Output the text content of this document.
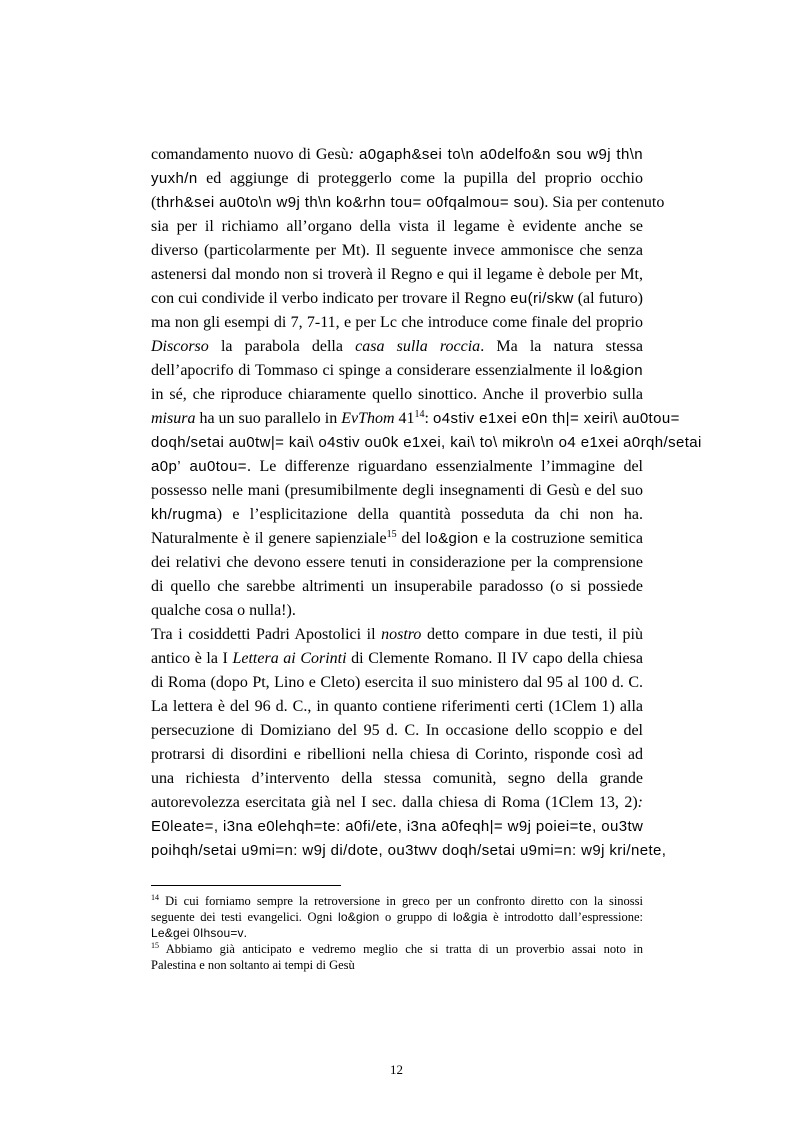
comandamento nuovo di Gesù: a0gaph&sei to\n a0delfo&n sou w9j th\n
yuxh/n ed aggiunge di proteggerlo come la pupilla del proprio occhio
(thrh&sei au0to\n w9j th\n ko&rhn tou= o0fqalmou= sou). Sia per contenuto
sia per il richiamo all’organo della vista il legame è evidente anche se
diverso (particolarmente per Mt). Il seguente invece ammonisce che senza
astenersi dal mondo non si troverà il Regno e qui il legame è debole per Mt,
con cui condivide il verbo indicato per trovare il Regno eu(ri/skw (al futuro)
ma non gli esempi di 7, 7-11, e per Lc che introduce come finale del proprio
Discorso la parabola della casa sulla roccia. Ma la natura stessa
dell’apocrifo di Tommaso ci spinge a considerare essenzialmente il lo&gion
in sé, che riproduce chiaramente quello sinottico. Anche il proverbio sulla
misura ha un suo parallelo in EvThom $41^{14}$: o4stiv e1xei e0n th|= xeiri\ au0tou=
doqh/setai au0tw|= kai\ o4stiv ou0k e1xei, kai\ to\ mikro\n o4 e1xei a0rqh/setai
a0p’ au0tou=. Le differenze riguardano essenzialmente l’immagine del
possesso nelle mani (presumibilmente degli insegnamenti di Gesù e del suo
kh/rugma) e l’esplicitazione della quantità posseduta da chi non ha.
Naturalmente è il genere sapienziale$^{15}$ del lo&gion e la costruzione semitica
dei relativi che devono essere tenuti in considerazione per la comprensione
di quello che sarebbe altrimenti un insuperabile paradosso (o si possiede
qualche cosa o nulla!).
Tra i cosiddetti Padri Apostolici il nostro detto compare in due testi, il più
antico è la I Lettera ai Corinti di Clemente Romano. Il IV capo della chiesa
di Roma (dopo Pt, Lino e Cleto) esercita il suo ministero dal 95 al 100 d. C.
La lettera è del 96 d. C., in quanto contiene riferimenti certi (1Clem 1) alla
persecuzione di Domiziano del 95 d. C. In occasione dello scoppio e del
protrarsi di disordini e ribellioni nella chiesa di Corinto, risponde così ad
una richiesta d’intervento della stessa comunità, segno della grande
autorevolezza esercitata già nel I sec. dalla chiesa di Roma (1Clem 13, 2):
E0leate=, i3na e0lehqh=te: a0fi/ete, i3na a0feqh|= w9j poiei=te, ou3tw
poihqh/setai u9mi=n: w9j di/dote, ou3twv doqh/setai u9mi=n: w9j kri/nete,
$^{14}$ Di cui forniamo sempre la retroversione in greco per un confronto diretto con la sinossi
seguente dei testi evangelici. Ogni lo&gion o gruppo di lo&gia è introdotto dall’espressione:
Le&gei 0Ihsou=v.
$^{15}$ Abbiamo già anticipato e vedremo meglio che si tratta di un proverbio assai noto in
Palestina e non soltanto ai tempi di Gesù
12
